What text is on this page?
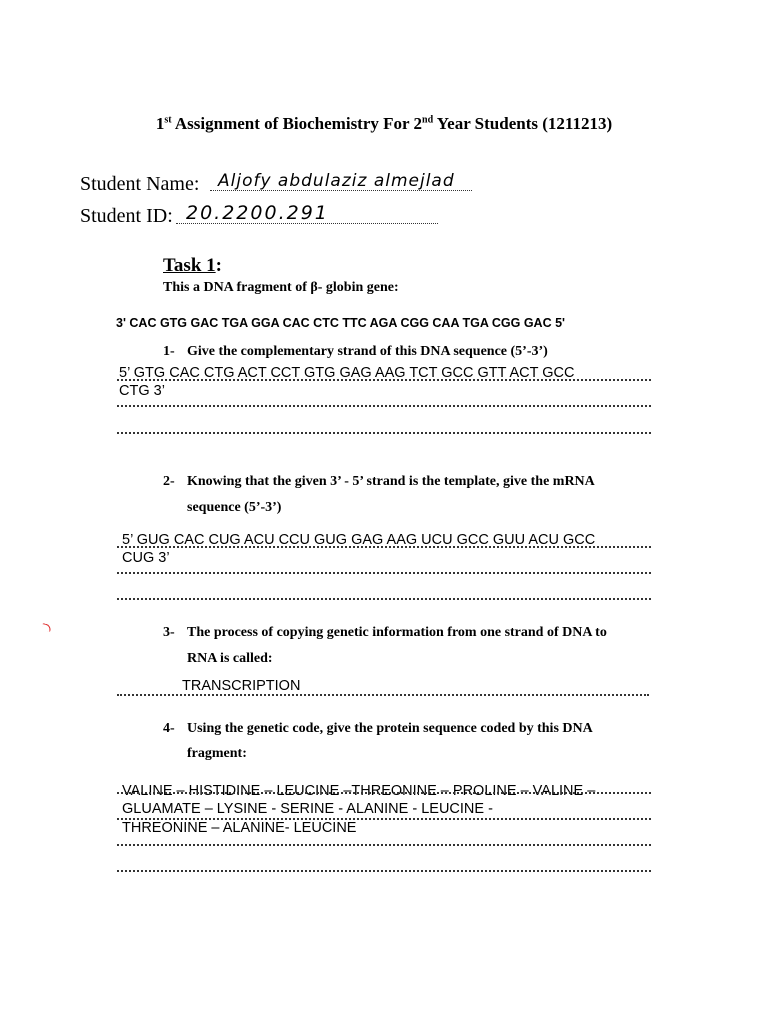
1st Assignment of Biochemistry For 2nd Year Students (1211213)
Student Name: Aljofy abdulaziz almejlad
Student ID: 20.2200.291
Task 1:
This a DNA fragment of β- globin gene:
3' CAC GTG GAC TGA GGA CAC CTC TTC AGA CGG CAA TGA CGG GAC 5'
1- Give the complementary strand of this DNA sequence (5’-3’)
5’ GTG CAC CTG ACT CCT GTG GAG AAG TCT GCC GTT ACT GCC
CTG 3’
2- Knowing that the given 3’ - 5’ strand is the template, give the mRNA
sequence (5’-3’)
5’ GUG CAC CUG ACU CCU GUG GAG AAG UCU GCC GUU ACU GCC
CUG 3’
3- The process of copying genetic information from one strand of DNA to
RNA is called:
TRANSCRIPTION
4- Using the genetic code, give the protein sequence coded by this DNA
fragment:
VALINE – HISTIDINE – LEUCINE –THREONINE – PROLINE – VALINE –
GLUAMATE – LYSINE - SERINE - ALANINE - LEUCINE -
THREONINE – ALANINE- LEUCINE
